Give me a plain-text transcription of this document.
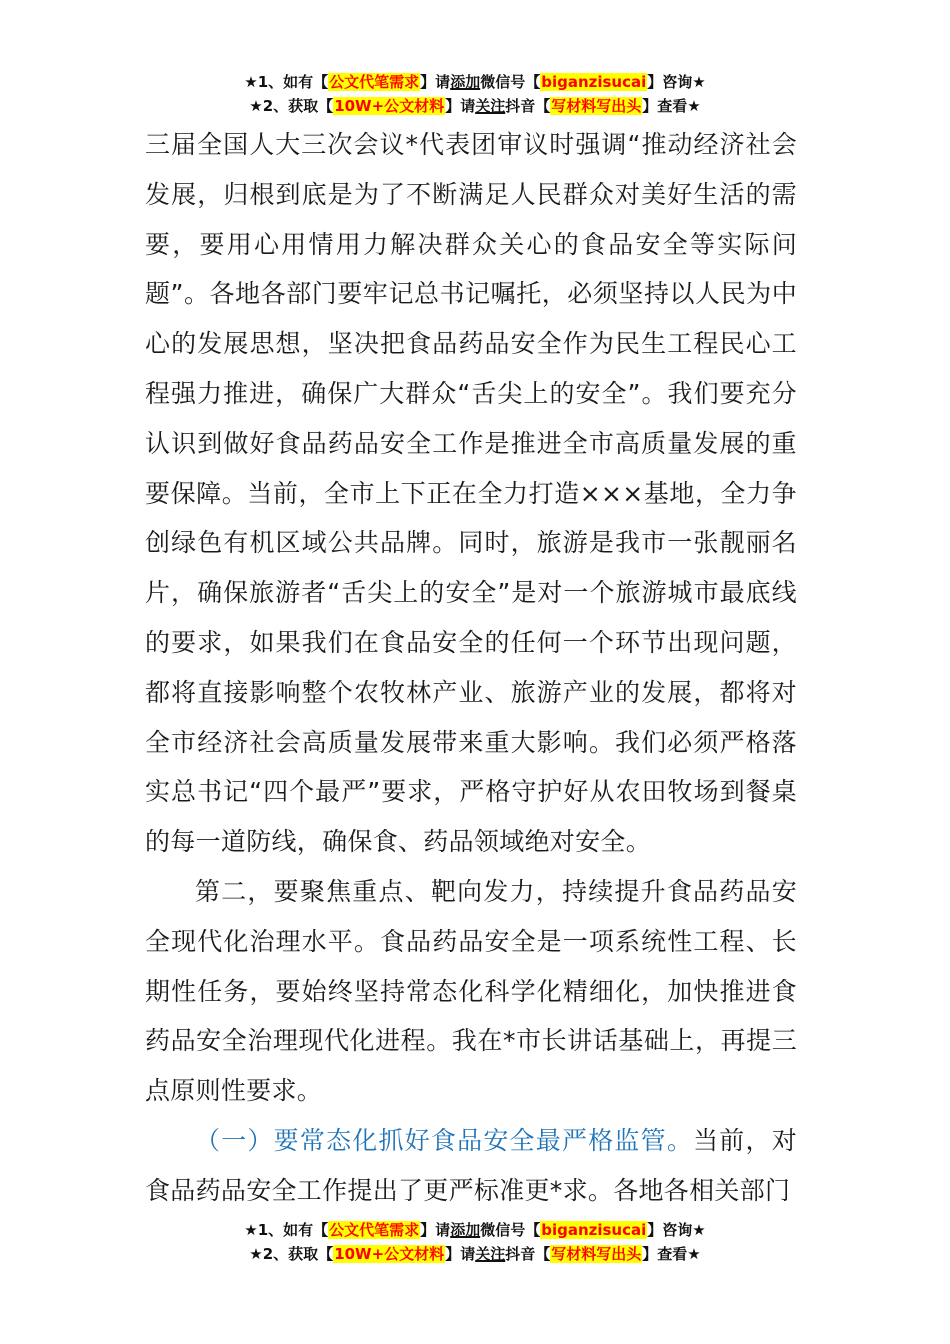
★1、如有【公文代笔需求】请添加微信号【biganzisucai】咨询★
★2、获取【10W+公文材料】请关注抖音【写材料写出头】查看★

三届全国人大三次会议*代表团审议时强调“推动经济社会发展，归根到底是为了不断满足人民群众对美好生活的需要，要用心用情用力解决群众关心的食品安全等实际问题”。各地各部门要牢记总书记嘱托，必须坚持以人民为中心的发展思想，坚决把食品药品安全作为民生工程民心工程强力推进，确保广大群众“舌尖上的安全”。我们要充分认识到做好食品药品安全工作是推进全市高质量发展的重要保障。当前，全市上下正在全力打造×××基地，全力争创绿色有机区域公共品牌。同时，旅游是我市一张靓丽名片，确保旅游者“舌尖上的安全”是对一个旅游城市最底线的要求，如果我们在食品安全的任何一个环节出现问题，都将直接影响整个农牧林产业、旅游产业的发展，都将对全市经济社会高质量发展带来重大影响。我们必须严格落实总书记“四个最严”要求，严格守护好从农田牧场到餐桌的每一道防线，确保食、药品领域绝对安全。

第二，要聚焦重点、靶向发力，持续提升食品药品安全现代化治理水平。食品药品安全是一项系统性工程、长期性任务，要始终坚持常态化科学化精细化，加快推进食药品安全治理现代化进程。我在*市长讲话基础上，再提三点原则性要求。

（一）要常态化抓好食品安全最严格监管。当前，对食品药品安全工作提出了更严标准更*求。各地各相关部门

★1、如有【公文代笔需求】请添加微信号【biganzisucai】咨询★
★2、获取【10W+公文材料】请关注抖音【写材料写出头】查看★
